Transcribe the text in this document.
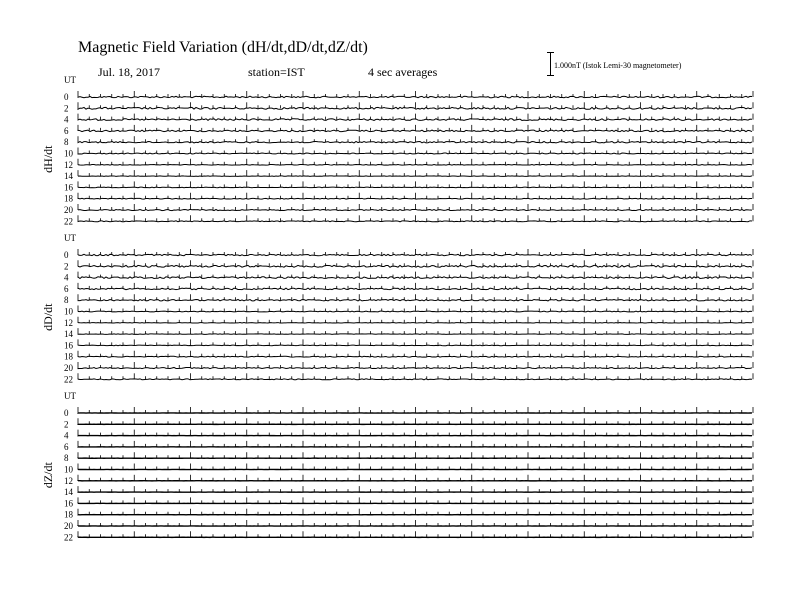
Magnetic Field Variation (dH/dt,dD/dt,dZ/dt)
Jul. 18, 2017	station=IST	4 sec averages	1.000nT (Istok Lemi-30 magnetometer)
UT
dH/dt
0
2
4
6
8
10
12
14
16
18
20
22
UT
dD/dt
0
2
4
6
8
10
12
14
16
18
20
22
UT
dZ/dt
0
2
4
6
8
10
12
14
16
18
20
22
